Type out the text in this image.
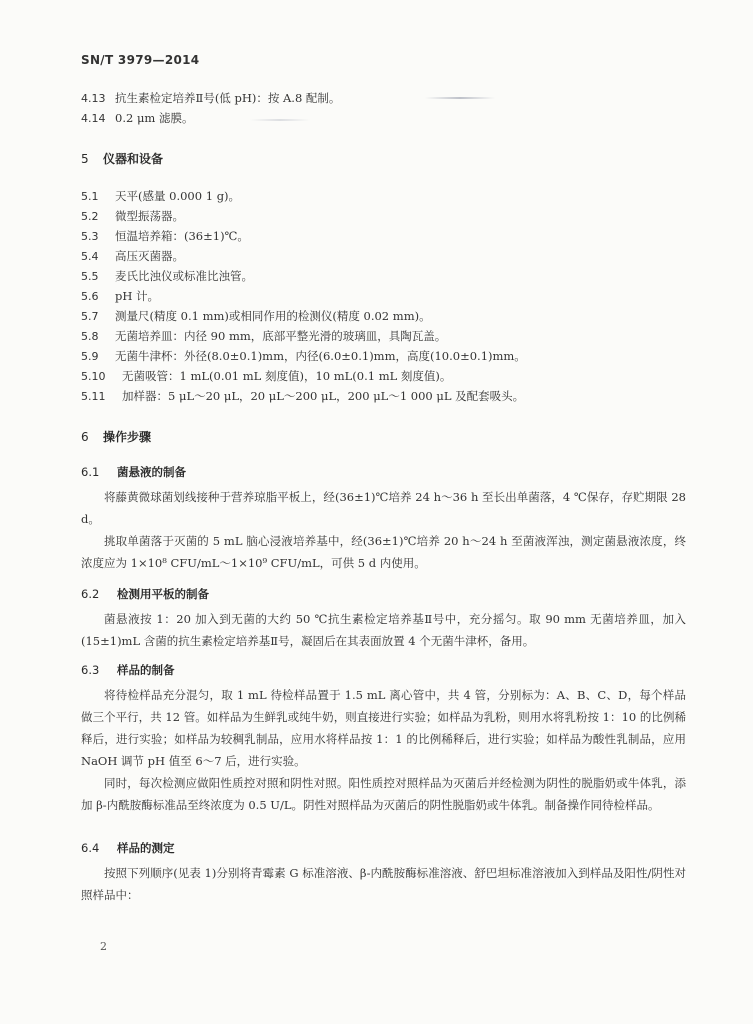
SN/T 3979—2014
4.13 抗生素检定培养Ⅱ号(低 pH)：按 A.8 配制。
4.14 0.2 μm 滤膜。
5 仪器和设备
5.1 天平(感量 0.000 1 g)。
5.2 微型振荡器。
5.3 恒温培养箱：(36±1)℃。
5.4 高压灭菌器。
5.5 麦氏比浊仪或标准比浊管。
5.6 pH 计。
5.7 测量尺(精度 0.1 mm)或相同作用的检测仪(精度 0.02 mm)。
5.8 无菌培养皿：内径 90 mm，底部平整光滑的玻璃皿，具陶瓦盖。
5.9 无菌牛津杯：外径(8.0±0.1)mm，内径(6.0±0.1)mm，高度(10.0±0.1)mm。
5.10 无菌吸管：1 mL(0.01 mL 刻度值)，10 mL(0.1 mL 刻度值)。
5.11 加样器：5 μL～20 μL，20 μL～200 μL，200 μL～1 000 μL 及配套吸头。
6 操作步骤
6.1 菌悬液的制备
将藤黄微球菌划线接种于营养琼脂平板上，经(36±1)℃培养 24 h～36 h 至长出单菌落，4 ℃保存，存贮期限 28 d。
挑取单菌落于灭菌的 5 mL 脑心浸液培养基中，经(36±1)℃培养 20 h～24 h 至菌液浑浊，测定菌悬液浓度，终浓度应为 1×10⁸ CFU/mL～1×10⁹ CFU/mL，可供 5 d 内使用。
6.2 检测用平板的制备
菌悬液按 1：20 加入到无菌的大约 50 ℃抗生素检定培养基Ⅱ号中，充分摇匀。取 90 mm 无菌培养皿，加入(15±1)mL 含菌的抗生素检定培养基Ⅱ号，凝固后在其表面放置 4 个无菌牛津杯，备用。
6.3 样品的制备
将待检样品充分混匀，取 1 mL 待检样品置于 1.5 mL 离心管中，共 4 管，分别标为：A、B、C、D，每个样品做三个平行，共 12 管。如样品为生鲜乳或纯牛奶，则直接进行实验；如样品为乳粉，则用水将乳粉按 1：10 的比例稀释后，进行实验；如样品为较稠乳制品，应用水将样品按 1：1 的比例稀释后，进行实验；如样品为酸性乳制品，应用 NaOH 调节 pH 值至 6～7 后，进行实验。
同时，每次检测应做阳性质控对照和阴性对照。阳性质控对照样品为灭菌后并经检测为阴性的脱脂奶或牛体乳，添加 β-内酰胺酶标准品至终浓度为 0.5 U/L。阴性对照样品为灭菌后的阴性脱脂奶或牛体乳。制备操作同待检样品。
6.4 样品的测定
按照下列顺序(见表 1)分别将青霉素 G 标准溶液、β-内酰胺酶标准溶液、舒巴坦标准溶液加入到样品及阳性/阴性对照样品中：
2
